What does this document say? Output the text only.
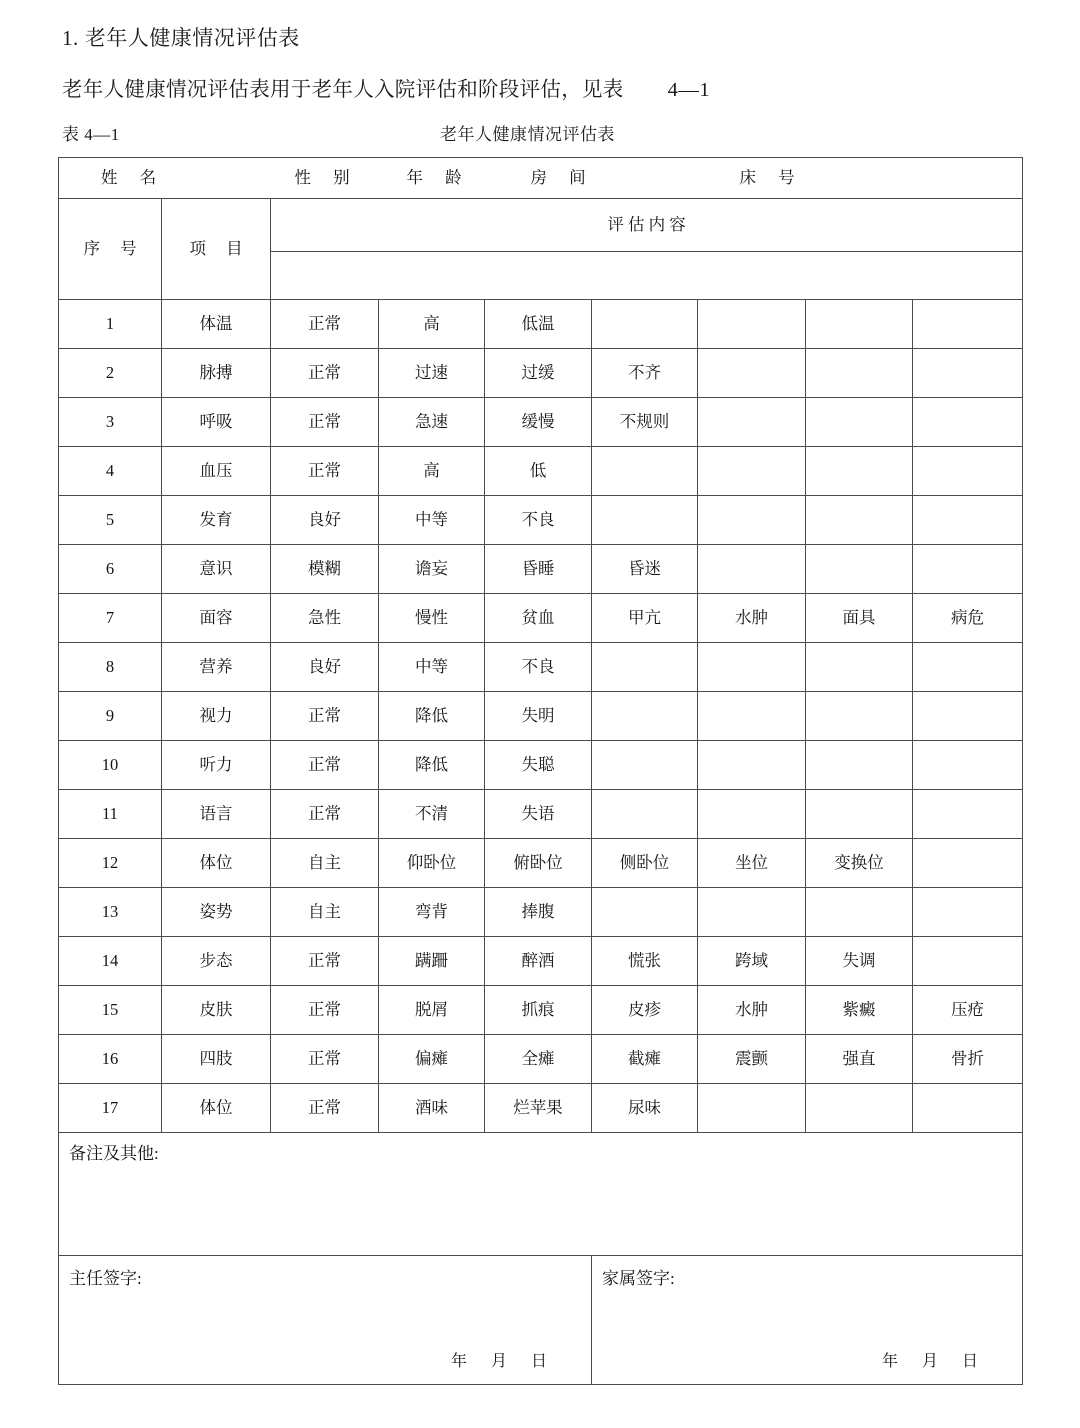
1. 老年人健康情况评估表
老年人健康情况评估表用于老年人入院评估和阶段评估，见表 4—1
表 4—1	老年人健康情况评估表
姓 名		性 别	年 龄	房 间		床 号		
序 号	项 目	评 估 内 容						

1	体温	正常	高	低温				
2	脉搏	正常	过速	过缓	不齐			
3	呼吸	正常	急速	缓慢	不规则			
4	血压	正常	高	低				
5	发育	良好	中等	不良				
6	意识	模糊	谵妄	昏睡	昏迷			
7	面容	急性	慢性	贫血	甲亢	水肿	面具	病危
8	营养	良好	中等	不良				
9	视力	正常	降低	失明				
10	听力	正常	降低	失聪				
11	语言	正常	不清	失语				
12	体位	自主	仰卧位	俯卧位	侧卧位	坐位	变换位	
13	姿势	自主	弯背	捧腹				
14	步态	正常	蹒跚	醉酒	慌张	跨域	失调	
15	皮肤	正常	脱屑	抓痕	皮疹	水肿	紫癜	压疮
16	四肢	正常	偏瘫	全瘫	截瘫	震颤	强直	骨折
17	体位	正常	酒味	烂苹果	尿味			

备注及其他:								

主任签字:
年 月 日

家属签字:
年 月 日
